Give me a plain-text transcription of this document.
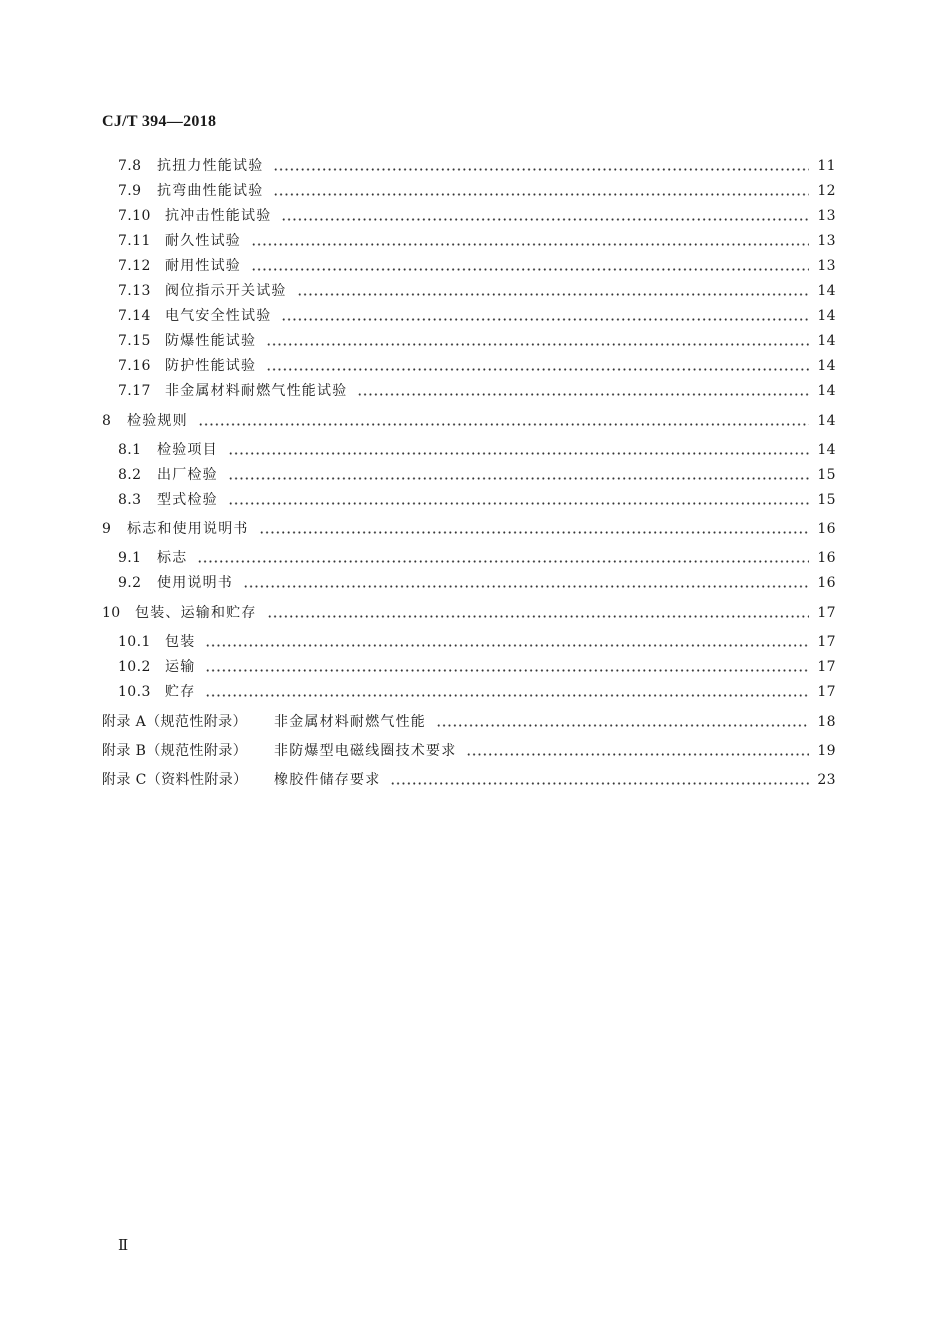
CJ/T 394—2018
7.8	抗扭力性能试验	11
7.9	抗弯曲性能试验	12
7.10	抗冲击性能试验	13
7.11	耐久性试验	13
7.12	耐用性试验	13
7.13	阀位指示开关试验	14
7.14	电气安全性试验	14
7.15	防爆性能试验	14
7.16	防护性能试验	14
7.17	非金属材料耐燃气性能试验	14
8	检验规则	14
8.1	检验项目	14
8.2	出厂检验	15
8.3	型式检验	15
9	标志和使用说明书	16
9.1	标志	16
9.2	使用说明书	16
10	包装、运输和贮存	17
10.1	包装	17
10.2	运输	17
10.3	贮存	17
附录 A（规范性附录）	非金属材料耐燃气性能	18
附录 B（规范性附录）	非防爆型电磁线圈技术要求	19
附录 C（资料性附录）	橡胶件储存要求	23
Ⅱ
